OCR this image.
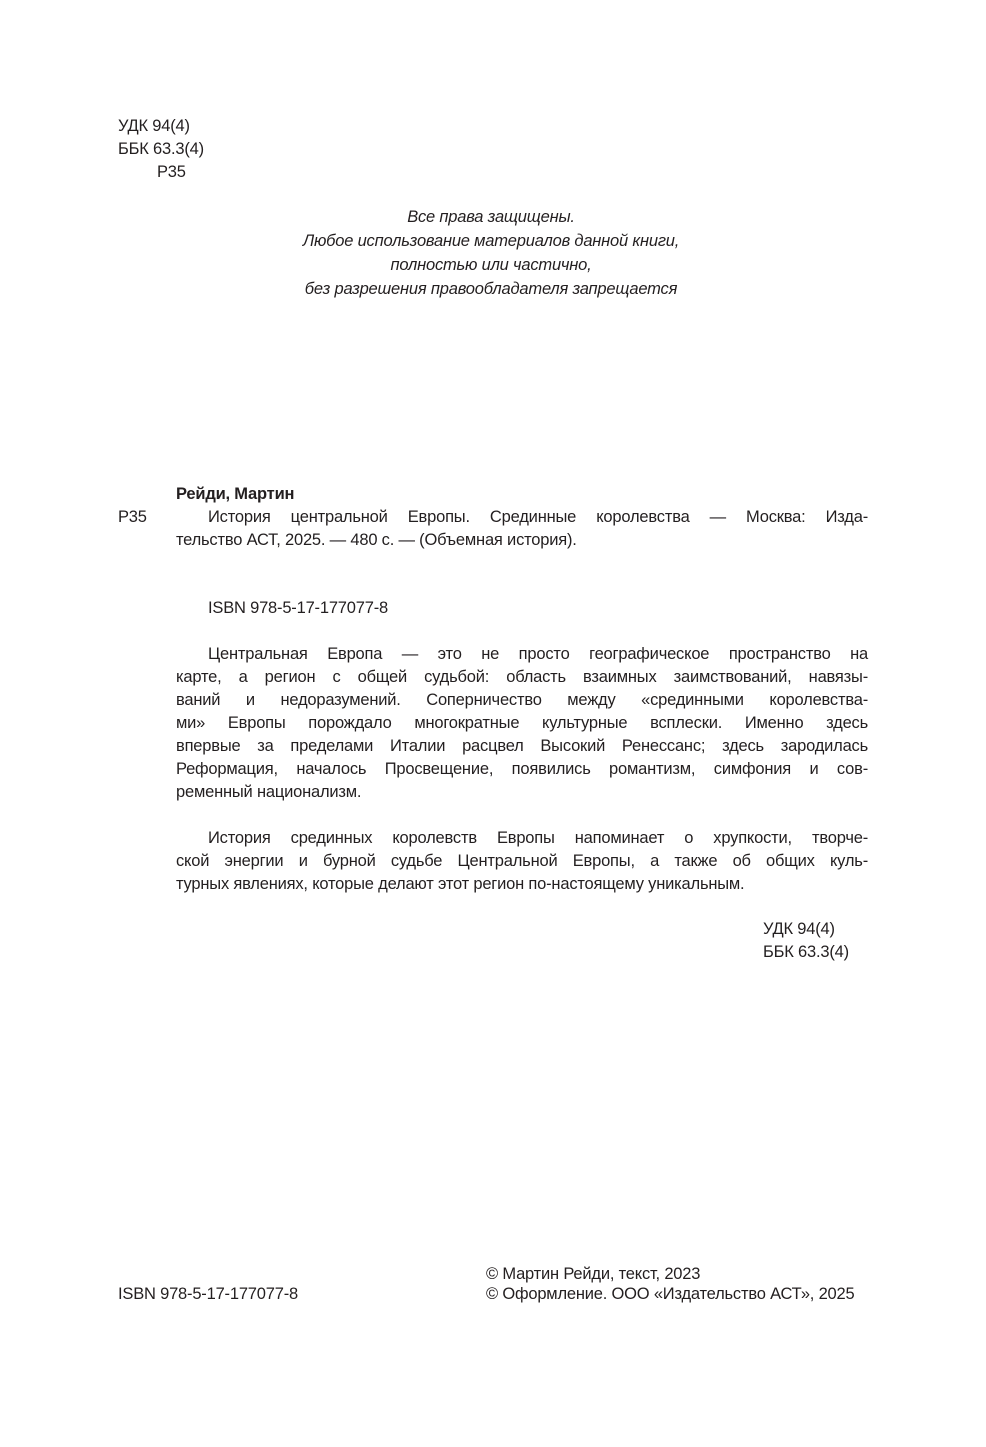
УДК 94(4)
ББК 63.3(4)
Р35
Все права защищены.
Любое использование материалов данной книги,
полностью или частично,
без разрешения правообладателя запрещается
Рейди, Мартин
Р35	История центральной Европы. Срединные королевства — Москва: Изда-
тельство АСТ, 2025. — 480 с. — (Объемная история).
ISBN 978-5-17-177077-8
Центральная Европа — это не просто географическое пространство на
карте, а регион с общей судьбой: область взаимных заимствований, навязы-
ваний и недоразумений. Соперничество между «срединными королевства-
ми» Европы порождало многократные культурные всплески. Именно здесь
впервые за пределами Италии расцвел Высокий Ренессанс; здесь зародилась
Реформация, началось Просвещение, появились романтизм, симфония и сов-
ременный национализм.
История срединных королевств Европы напоминает о хрупкости, творче-
ской энергии и бурной судьбе Центральной Европы, а также об общих куль-
турных явлениях, которые делают этот регион по-настоящему уникальным.
УДК 94(4)
ББК 63.3(4)
ISBN 978-5-17-177077-8
© Мартин Рейди, текст, 2023
© Оформление. ООО «Издательство АСТ», 2025
